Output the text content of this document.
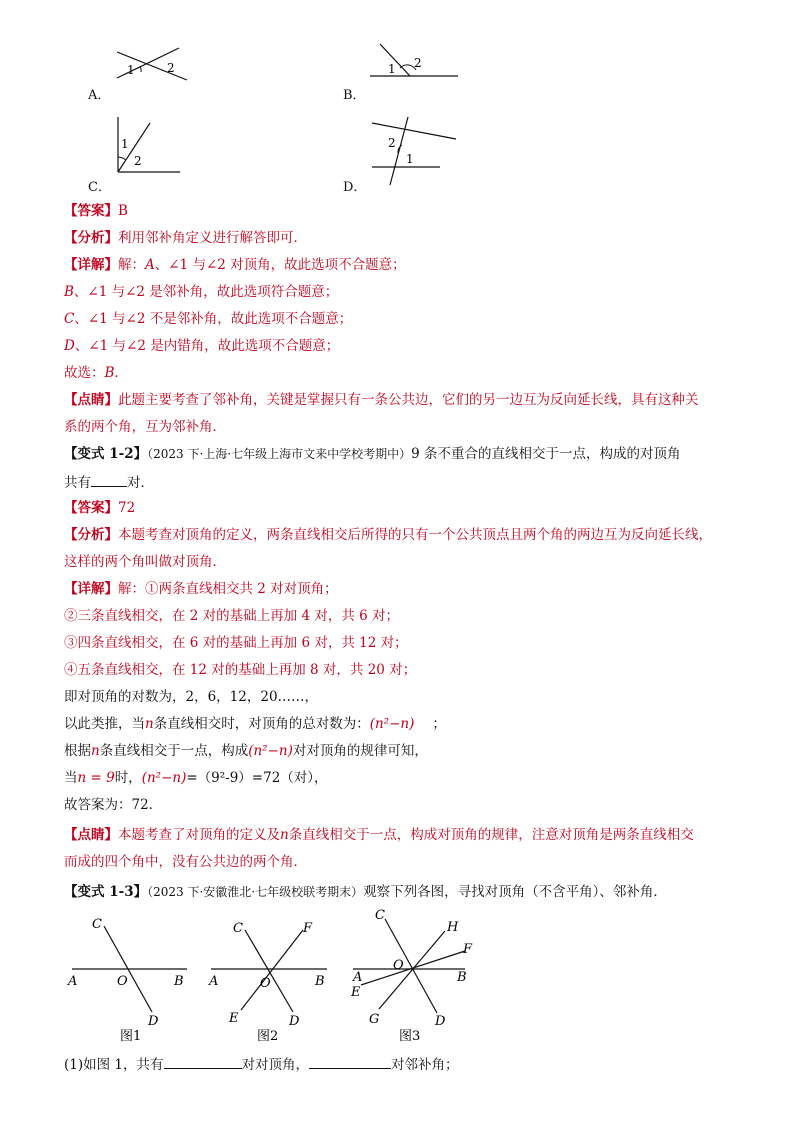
1	2
A．
1 2
B．
1
2
C．
2
1
D．
【答案】B
【分析】利用邻补角定义进行解答即可．
【详解】解：A、∠1 与∠2 对顶角，故此选项不合题意；
B、∠1 与∠2 是邻补角，故此选项符合题意；
C、∠1 与∠2 不是邻补角，故此选项不合题意；
D、∠1 与∠2 是内错角，故此选项不合题意；
故选：B．
【点睛】此题主要考查了邻补角，关键是掌握只有一条公共边，它们的另一边互为反向延长线，具有这种关
系的两个角，互为邻补角．
【变式 1-2】（2023 下·上海·七年级上海市文来中学校考期中）9 条不重合的直线相交于一点，构成的对顶角
共有	对．
【答案】72
【分析】本题考查对顶角的定义，两条直线相交后所得的只有一个公共顶点且两个角的两边互为反向延长线，
这样的两个角叫做对顶角．
【详解】解：①两条直线相交共 2 对对顶角；
②三条直线相交，在 2 对的基础上再加 4 对，共 6 对；
③四条直线相交，在 6 对的基础上再加 6 对，共 12 对；
④五条直线相交，在 12 对的基础上再加 8 对，共 20 对；
即对顶角的对数为，2，6，12，20……，
以此类推，当n条直线相交时，对顶角的总对数为：(n²−n) ；
根据n条直线相交于一点，构成(n²−n)对对顶角的规律可知，
当n = 9时，(n²−n)=（9²-9）=72（对），
故答案为：72．
【点睛】本题考查了对顶角的定义及n条直线相交于一点，构成对顶角的规律，注意对顶角是两条直线相交
而成的四个角中，没有公共边的两个角．
【变式 1-3】（2023 下·安徽淮北·七年级校联考期末）观察下列各图，寻找对顶角（不含平角）、邻补角．
C
A	O	B
D
图1
C	F
A	O	B
E	D
图2
C
H
F
O
A	B
E
G	D
图3
(1)如图 1，共有	对对顶角，	对邻补角；
